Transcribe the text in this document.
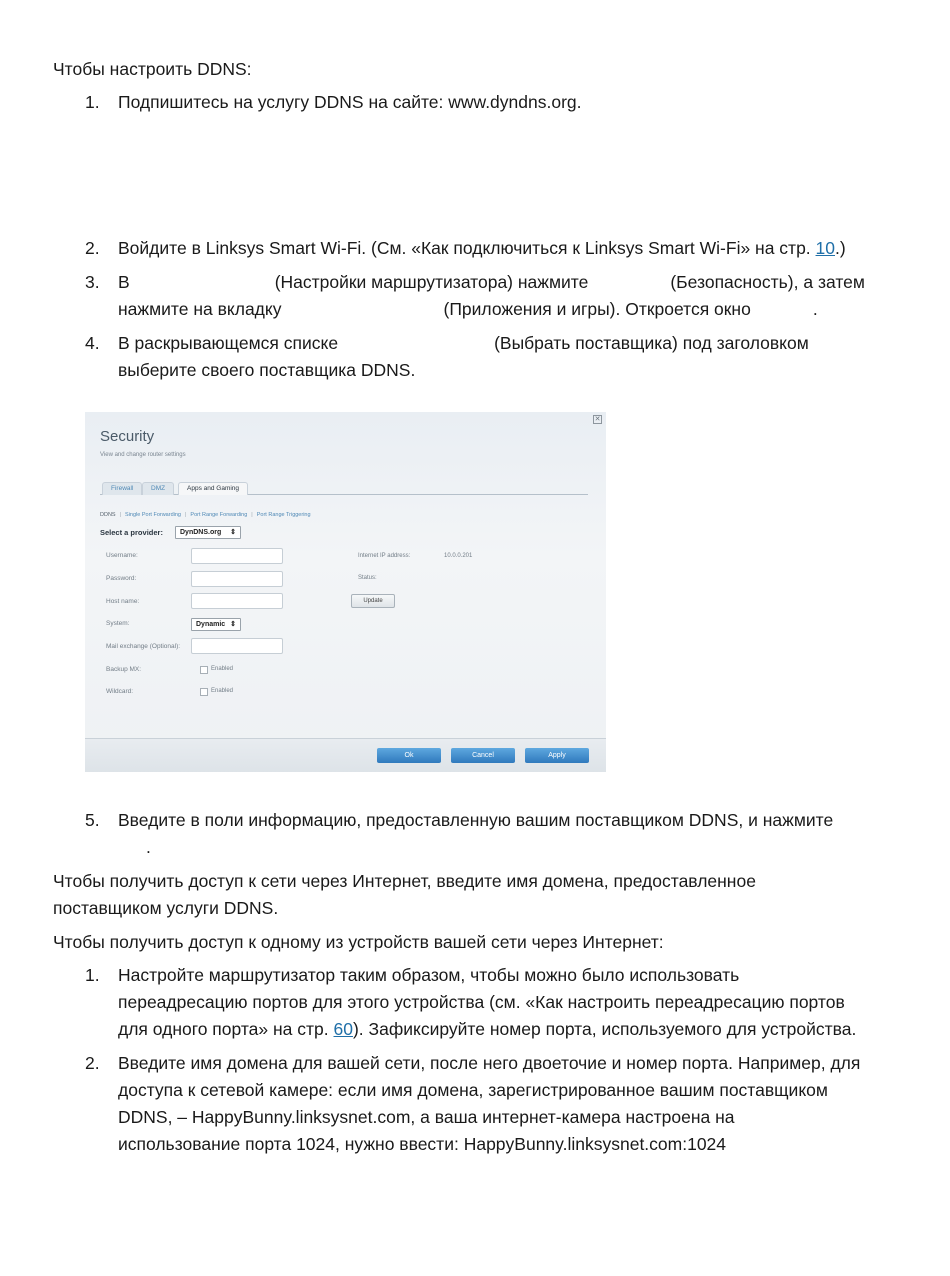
Чтобы настроить DDNS:
1. Подпишитесь на услугу DDNS на сайте: www.dyndns.org.
2. Войдите в Linksys Smart Wi-Fi. (См. «Как подключиться к Linksys Smart Wi-Fi» на стр. 10.)
3. В	(Настройки маршрутизатора) нажмите	(Безопасность), а затем
нажмите на вкладку	(Приложения и игры). Откроется окно	.
4. В раскрывающемся списке	(Выбрать поставщика) под заголовком
выберите своего поставщика DDNS.
✕
Security
View and change router settings
Firewall	DMZ	Apps and Gaming
DDNS | Single Port Forwarding | Port Range Forwarding | Port Range Triggering
Select a provider:	DynDNS.org ⇕
Username:
Password:
Host name:
System:	Dynamic ⇕
Mail exchange (Optional):
Backup MX:	Enabled
Wildcard:	Enabled
Internet IP address:	10.0.0.201
Status:
Update
Ok	Cancel	Apply
5. Введите в поли информацию, предоставленную вашим поставщиком DDNS, и нажмите
.
Чтобы получить доступ к сети через Интернет, введите имя домена, предоставленное
поставщиком услуги DDNS.
Чтобы получить доступ к одному из устройств вашей сети через Интернет:
1. Настройте маршрутизатор таким образом, чтобы можно было использовать
переадресацию портов для этого устройства (см. «Как настроить переадресацию портов
для одного порта» на стр. 60). Зафиксируйте номер порта, используемого для устройства.
2. Введите имя домена для вашей сети, после него двоеточие и номер порта. Например, для
доступа к сетевой камере: если имя домена, зарегистрированное вашим поставщиком
DDNS, – HappyBunny.linksysnet.com, а ваша интернет-камера настроена на
использование порта 1024, нужно ввести: HappyBunny.linksysnet.com:1024
